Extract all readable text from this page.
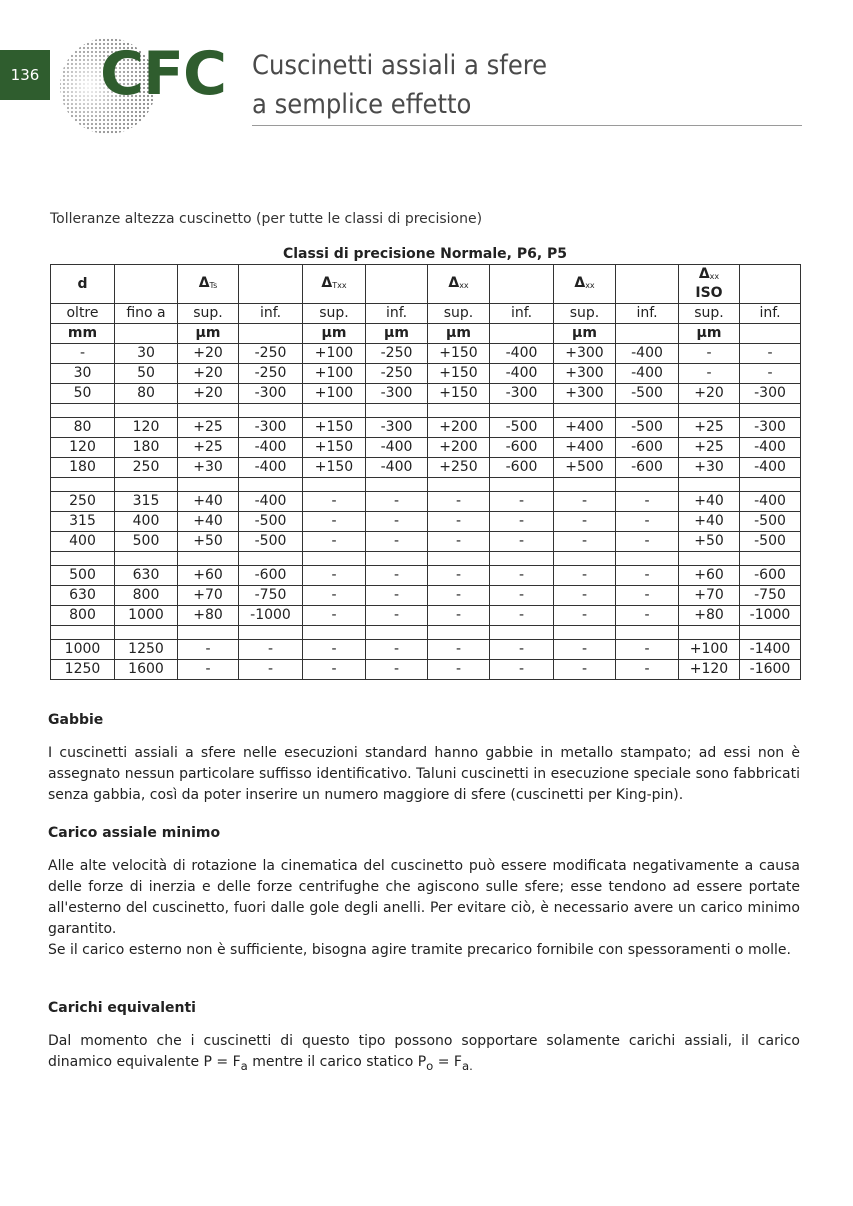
136 CFC Cuscinetti assiali a sfere
a semplice effetto
Tolleranze altezza cuscinetto (per tutte le classi di precisione)
Classi di precisione Normale, P6, P5
d		$\Delta_{Ts}$		$\Delta_{Txx}$		$\Delta_{xx}$		$\Delta_{xx}$		$\Delta_{xx}$
ISO	
oltre	fino a	sup.	inf.	sup.	inf.	sup.	inf.	sup.	inf.	sup.	inf.
mm		µm		µm	µm	µm		µm		µm	
-	30	+20	-250	+100	-250	+150	-400	+300	-400	-	-
30	50	+20	-250	+100	-250	+150	-400	+300	-400	-	-
50	80	+20	-300	+100	-300	+150	-300	+300	-500	+20	-300

80	120	+25	-300	+150	-300	+200	-500	+400	-500	+25	-300
120	180	+25	-400	+150	-400	+200	-600	+400	-600	+25	-400
180	250	+30	-400	+150	-400	+250	-600	+500	-600	+30	-400

250	315	+40	-400	-	-	-	-	-	-	+40	-400
315	400	+40	-500	-	-	-	-	-	-	+40	-500
400	500	+50	-500	-	-	-	-	-	-	+50	-500

500	630	+60	-600	-	-	-	-	-	-	+60	-600
630	800	+70	-750	-	-	-	-	-	-	+70	-750
800	1000	+80	-1000	-	-	-	-	-	-	+80	-1000

1000	1250	-	-	-	-	-	-	-	-	+100	-1400
1250	1600	-	-	-	-	-	-	-	-	+120	-1600
Gabbie

I cuscinetti assiali a sfere nelle esecuzioni standard hanno gabbie in metallo stampato; ad essi non è assegnato nessun particolare suffisso identificativo. Taluni cuscinetti in esecuzione speciale sono fabbricati senza gabbia, così da poter inserire un numero maggiore di sfere (cuscinetti per King-pin).

Carico assiale minimo

Alle alte velocità di rotazione la cinematica del cuscinetto può essere modificata negativamente a causa delle forze di inerzia e delle forze centrifughe che agiscono sulle sfere; esse tendono ad essere portate all'esterno del cuscinetto, fuori dalle gole degli anelli. Per evitare ciò, è necessario avere un carico minimo garantito.

Se il carico esterno non è sufficiente, bisogna agire tramite precarico fornibile con spessoramenti o molle.

Carichi equivalenti

Dal momento che i cuscinetti di questo tipo possono sopportare solamente carichi assiali, il carico dinamico equivalente $P = F_a$ mentre il carico statico $P_o = F_{a.}$
